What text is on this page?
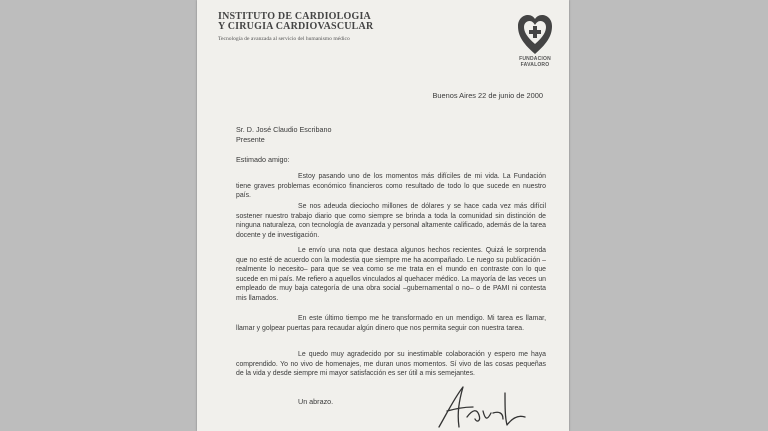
INSTITUTO DE CARDIOLOGIA
Y CIRUGIA CARDIOVASCULAR
Tecnología de avanzada al servicio del humanismo médico
FUNDACION
FAVALORO
Buenos Aires 22 de junio de 2000
Sr. D. José Claudio Escribano
Presente
Estimado amigo:

Estoy pasando uno de los momentos más difíciles de mi vida. La Fundación tiene graves problemas económico financieros como resultado de todo lo que sucede en nuestro país.

Se nos adeuda dieciocho millones de dólares y se hace cada vez más difícil sostener nuestro trabajo diario que como siempre se brinda a toda la comunidad sin distinción de ninguna naturaleza, con tecnología de avanzada y personal altamente calificado, además de la tarea docente y de investigación.

Le envío una nota que destaca algunos hechos recientes. Quizá le sorprenda que no esté de acuerdo con la modestia que siempre me ha acompañado. Le ruego su publicación –realmente lo necesito– para que se vea como se me trata en el mundo en contraste con lo que sucede en mi país. Me refiero a aquellos vinculados al quehacer médico. La mayoría de las veces un empleado de muy baja categoría de una obra social –gubernamental o no– o de PAMI ni contesta mis llamados.

En este último tiempo me he transformado en un mendigo. Mi tarea es llamar, llamar y golpear puertas para recaudar algún dinero que nos permita seguir con nuestra tarea.

Le quedo muy agradecido por su inestimable colaboración y espero me haya comprendido. Yo no vivo de homenajes, me duran unos momentos. Sí vivo de las cosas pequeñas de la vida y desde siempre mi mayor satisfacción es ser útil a mis semejantes.

Un abrazo.
